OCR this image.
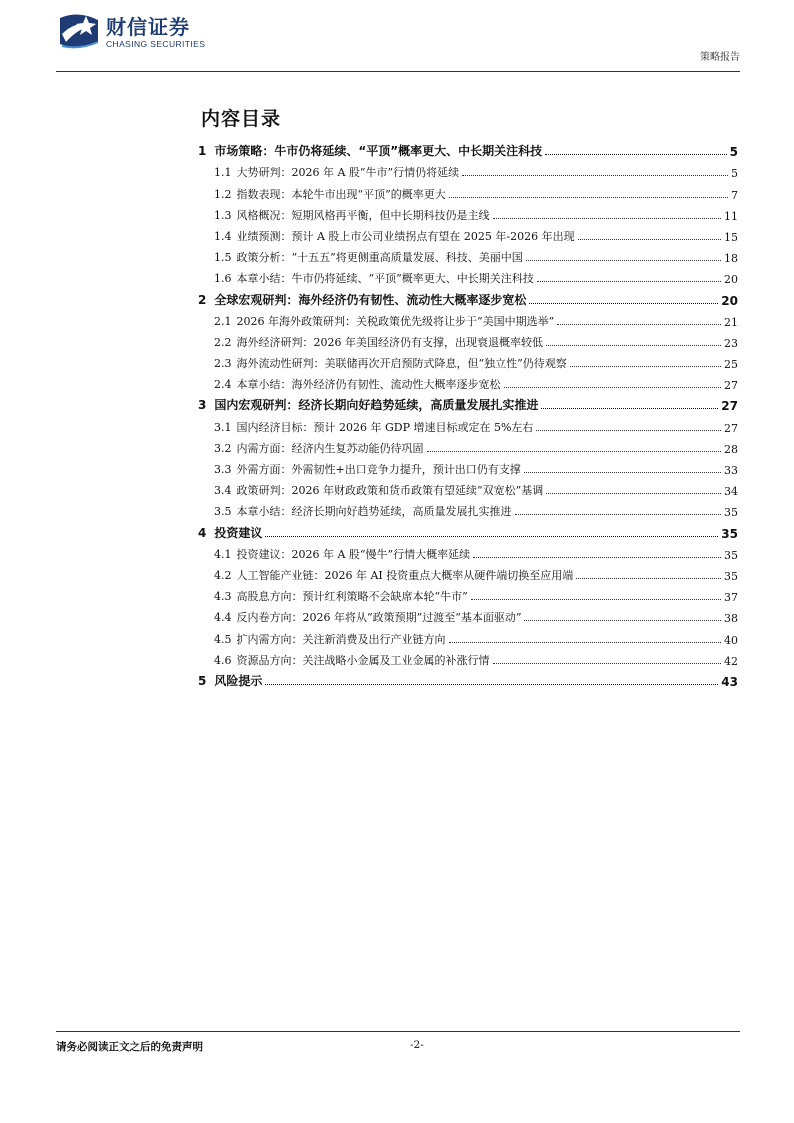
财信证券
CHASING SECURITIES
策略报告
内容目录
1 市场策略：牛市仍将延续、“平顶”概率更大、中长期关注科技	5
1.1 大势研判：2026 年 A 股“牛市”行情仍将延续	5
1.2 指数表现：本轮牛市出现“平顶”的概率更大	7
1.3 风格概况：短期风格再平衡，但中长期科技仍是主线	11
1.4 业绩预测：预计 A 股上市公司业绩拐点有望在 2025 年-2026 年出现	15
1.5 政策分析：“十五五”将更侧重高质量发展、科技、美丽中国	18
1.6 本章小结：牛市仍将延续、“平顶”概率更大、中长期关注科技	20
2 全球宏观研判：海外经济仍有韧性、流动性大概率逐步宽松	20
2.1 2026 年海外政策研判：关税政策优先级将让步于“美国中期选举”	21
2.2 海外经济研判：2026 年美国经济仍有支撑，出现衰退概率较低	23
2.3 海外流动性研判：美联储再次开启预防式降息，但“独立性”仍待观察	25
2.4 本章小结：海外经济仍有韧性、流动性大概率逐步宽松	27
3 国内宏观研判：经济长期向好趋势延续，高质量发展扎实推进	27
3.1 国内经济目标：预计 2026 年 GDP 增速目标或定在 5%左右	27
3.2 内需方面：经济内生复苏动能仍待巩固	28
3.3 外需方面：外需韧性+出口竞争力提升，预计出口仍有支撑	33
3.4 政策研判：2026 年财政政策和货币政策有望延续“双宽松”基调	34
3.5 本章小结：经济长期向好趋势延续，高质量发展扎实推进	35
4 投资建议	35
4.1 投资建议：2026 年 A 股“慢牛”行情大概率延续	35
4.2 人工智能产业链：2026 年 AI 投资重点大概率从硬件端切换至应用端	35
4.3 高股息方向：预计红利策略不会缺席本轮“牛市”	37
4.4 反内卷方向：2026 年将从“政策预期”过渡至“基本面驱动”	38
4.5 扩内需方向：关注新消费及出行产业链方向	40
4.6 资源品方向：关注战略小金属及工业金属的补涨行情	42
5 风险提示	43
请务必阅读正文之后的免责声明	-2-
